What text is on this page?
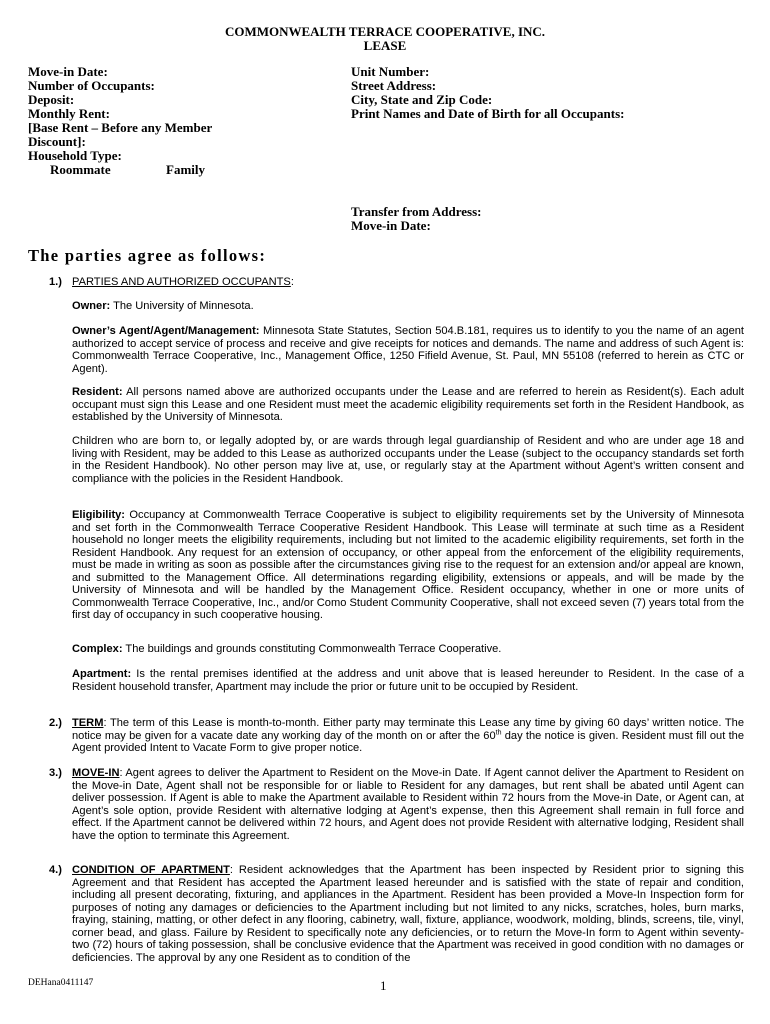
COMMONWEALTH TERRACE COOPERATIVE, INC.
LEASE
Move-in Date:
Number of Occupants:
Deposit:
Monthly Rent:
[Base Rent – Before any Member
Discount]:
Household Type:
Roommate	Family
Unit Number:
Street Address:
City, State and Zip Code:
Print Names and Date of Birth for all Occupants:
Transfer from Address:
Move-in Date:
The parties agree as follows:
1.) PARTIES AND AUTHORIZED OCCUPANTS:
Owner: The University of Minnesota.
Owner’s Agent/Agent/Management: Minnesota State Statutes, Section 504.B.181, requires us to identify to you the name of an agent authorized to accept service of process and receive and give receipts for notices and demands. The name and address of such Agent is: Commonwealth Terrace Cooperative, Inc., Management Office, 1250 Fifield Avenue, St. Paul, MN 55108 (referred to herein as CTC or Agent).
Resident: All persons named above are authorized occupants under the Lease and are referred to herein as Resident(s). Each adult occupant must sign this Lease and one Resident must meet the academic eligibility requirements set forth in the Resident Handbook, as established by the University of Minnesota.
Children who are born to, or legally adopted by, or are wards through legal guardianship of Resident and who are under age 18 and living with Resident, may be added to this Lease as authorized occupants under the Lease (subject to the occupancy standards set forth in the Resident Handbook). No other person may live at, use, or regularly stay at the Apartment without Agent’s written consent and compliance with the policies in the Resident Handbook.
Eligibility: Occupancy at Commonwealth Terrace Cooperative is subject to eligibility requirements set by the University of Minnesota and set forth in the Commonwealth Terrace Cooperative Resident Handbook. This Lease will terminate at such time as a Resident household no longer meets the eligibility requirements, including but not limited to the academic eligibility requirements, set forth in the Resident Handbook. Any request for an extension of occupancy, or other appeal from the enforcement of the eligibility requirements, must be made in writing as soon as possible after the circumstances giving rise to the request for an extension and/or appeal are known, and submitted to the Management Office. All determinations regarding eligibility, extensions or appeals, and will be made by the University of Minnesota and will be handled by the Management Office. Resident occupancy, whether in one or more units of Commonwealth Terrace Cooperative, Inc., and/or Como Student Community Cooperative, shall not exceed seven (7) years total from the first day of occupancy in such cooperative housing.
Complex: The buildings and grounds constituting Commonwealth Terrace Cooperative.
Apartment: Is the rental premises identified at the address and unit above that is leased hereunder to Resident. In the case of a Resident household transfer, Apartment may include the prior or future unit to be occupied by Resident.
2.) TERM: The term of this Lease is month-to-month. Either party may terminate this Lease any time by giving 60 days’ written notice. The notice may be given for a vacate date any working day of the month on or after the 60th day the notice is given. Resident must fill out the Agent provided Intent to Vacate Form to give proper notice.
3.) MOVE-IN: Agent agrees to deliver the Apartment to Resident on the Move-in Date. If Agent cannot deliver the Apartment to Resident on the Move-in Date, Agent shall not be responsible for or liable to Resident for any damages, but rent shall be abated until Agent can deliver possession. If Agent is able to make the Apartment available to Resident within 72 hours from the Move-in Date, or Agent can, at Agent’s sole option, provide Resident with alternative lodging at Agent’s expense, then this Agreement shall remain in full force and effect. If the Apartment cannot be delivered within 72 hours, and Agent does not provide Resident with alternative lodging, Resident shall have the option to terminate this Agreement.
4.) CONDITION OF APARTMENT: Resident acknowledges that the Apartment has been inspected by Resident prior to signing this Agreement and that Resident has accepted the Apartment leased hereunder and is satisfied with the state of repair and condition, including all present decorating, fixturing, and appliances in the Apartment. Resident has been provided a Move-In Inspection form for purposes of noting any damages or deficiencies to the Apartment including but not limited to any nicks, scratches, holes, burn marks, fraying, staining, matting, or other defect in any flooring, cabinetry, wall, fixture, appliance, woodwork, molding, blinds, screens, tile, vinyl, corner bead, and glass. Failure by Resident to specifically note any deficiencies, or to return the Move-In form to Agent within seventy-two (72) hours of taking possession, shall be conclusive evidence that the Apartment was received in good condition with no damages or deficiencies. The approval by any one Resident as to condition of the
DEHana0411147	1
